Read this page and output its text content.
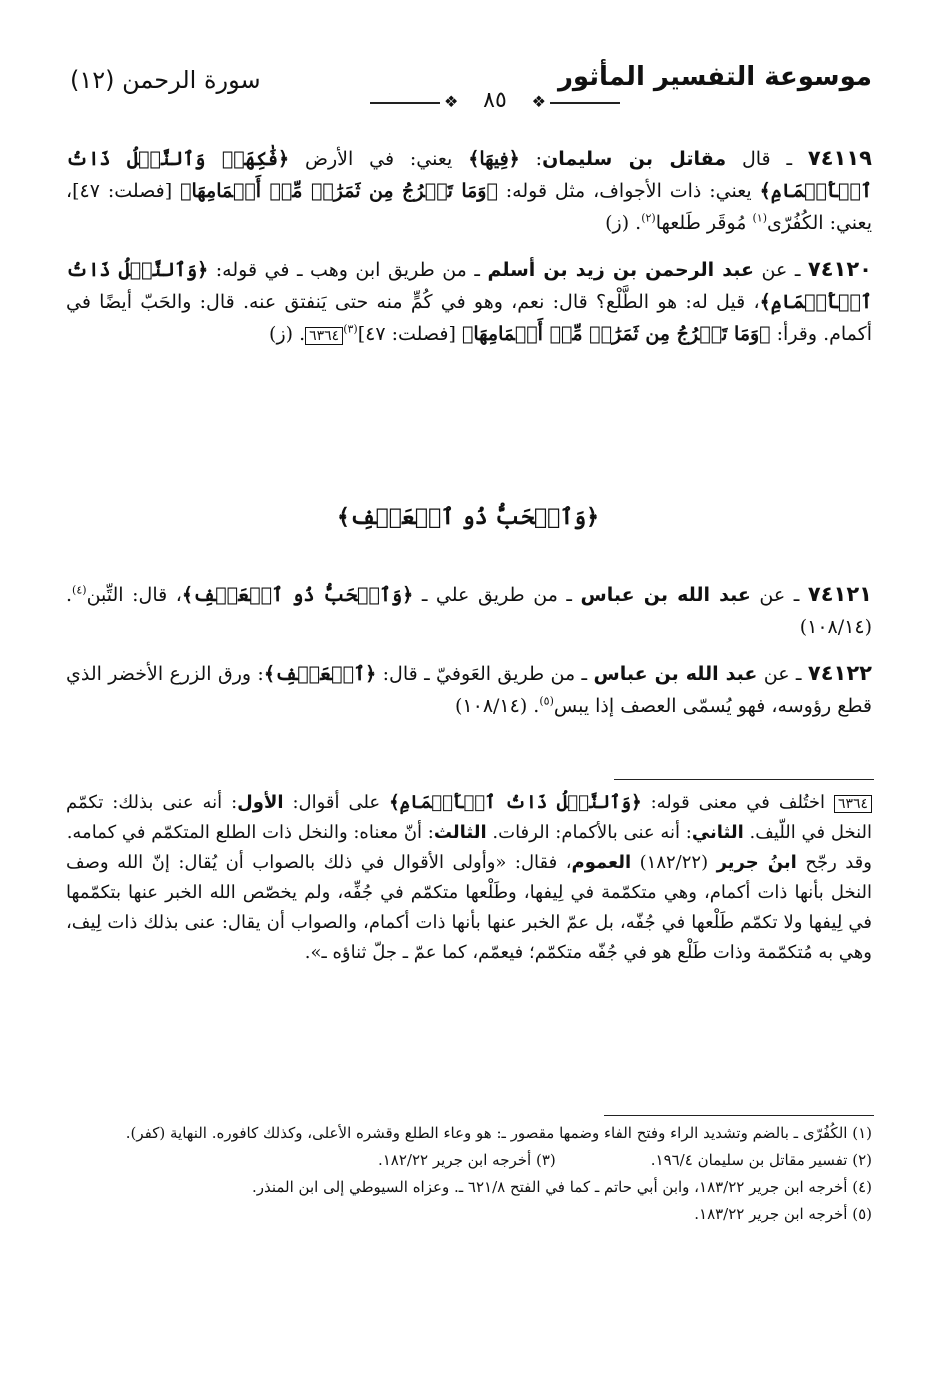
موسوعة التفسير المأثور
❖	٨٥	❖
سورة الرحمن (١٢)

٧٤١١٩ ـ قال مقاتل بن سليمان: ﴿فِيهَا﴾ يعني: في الأرض ﴿فَٰكِهَةٞ وَٱلنَّخۡلُ ذَاتُ ٱلۡأَكۡمَامِ﴾ يعني: ذات الأجواف، مثل قوله: ﴿وَمَا تَخۡرُجُ مِن ثَمَرَٰتٖ مِّنۡ أَكۡمَامِهَا﴾ [فصلت: ٤٧]، يعني: الكُفُرّى$^{(١)}$ مُوقَر طَلعها$^{(٢)}$. (ز)

٧٤١٢٠ ـ عن عبد الرحمن بن زيد بن أسلم ـ من طريق ابن وهب ـ في قوله: ﴿وَٱلنَّخۡلُ ذَاتُ ٱلۡأَكۡمَامِ﴾، قيل له: هو الطَّلْع؟ قال: نعم، وهو في كُمٍّ منه حتى يَنفتق عنه. قال: والحَبّ أيضًا في أكمام. وقرأ: ﴿وَمَا تَخۡرُجُ مِن ثَمَرَٰتٖ مِّنۡ أَكۡمَامِهَا﴾ [فصلت: ٤٧]$^{(٣)}$٦٣٦٤. (ز)

﴿وَٱلۡحَبُّ ذُو ٱلۡعَصۡفِ﴾

٧٤١٢١ ـ عن عبد الله بن عباس ـ من طريق علي ـ ﴿وَٱلۡحَبُّ ذُو ٱلۡعَصۡفِ﴾، قال: التِّبن$^{(٤)}$. (١٠٨/١٤)

٧٤١٢٢ ـ عن عبد الله بن عباس ـ من طريق العَوفيّ ـ قال: ﴿ٱلۡعَصۡفِ﴾: ورق الزرع الأخضر الذي قطع رؤوسه، فهو يُسمّى العصف إذا يبس$^{(٥)}$. (١٠٨/١٤)

٦٣٦٤ اختُلف في معنى قوله: ﴿وَٱلنَّخۡلُ ذَاتُ ٱلۡأَكۡمَامِ﴾ على أقوال: الأول: أنه عنى بذلك: تكمّم النخل في اللّيف. الثاني: أنه عنى بالأكمام: الرفات. الثالث: أنّ معناه: والنخل ذات الطلع المتكمّم في كمامه.

وقد رجّح ابنُ جرير (١٨٢/٢٢) العموم، فقال: «وأولى الأقوال في ذلك بالصواب أن يُقال: إنّ الله وصف النخل بأنها ذات أكمام، وهي متكمّمة في لِيفها، وطَلْعها متكمّم في جُفِّه، ولم يخصّص الله الخبر عنها بتكمّمها في لِيفها ولا تكمّم طَلْعها في جُفّه، بل عمّ الخبر عنها بأنها ذات أكمام، والصواب أن يقال: عنى بذلك ذات لِيف، وهي به مُتكمّمة وذات طَلْع هو في جُفّه متكمّم؛ فيعمّم، كما عمّ ـ جلّ ثناؤه ـ».

(١) الكُفُرّى ـ بالضم وتشديد الراء وفتح الفاء وضمها مقصور ـ: هو وعاء الطلع وقشره الأعلى، وكذلك كافوره. النهاية (كفر).

(٢) تفسير مقاتل بن سليمان ١٩٦/٤.
(٣) أخرجه ابن جرير ١٨٢/٢٢.

(٤) أخرجه ابن جرير ١٨٣/٢٢، وابن أبي حاتم ـ كما في الفتح ٦٢١/٨ ـ. وعزاه السيوطي إلى ابن المنذر.

(٥) أخرجه ابن جرير ١٨٣/٢٢.
